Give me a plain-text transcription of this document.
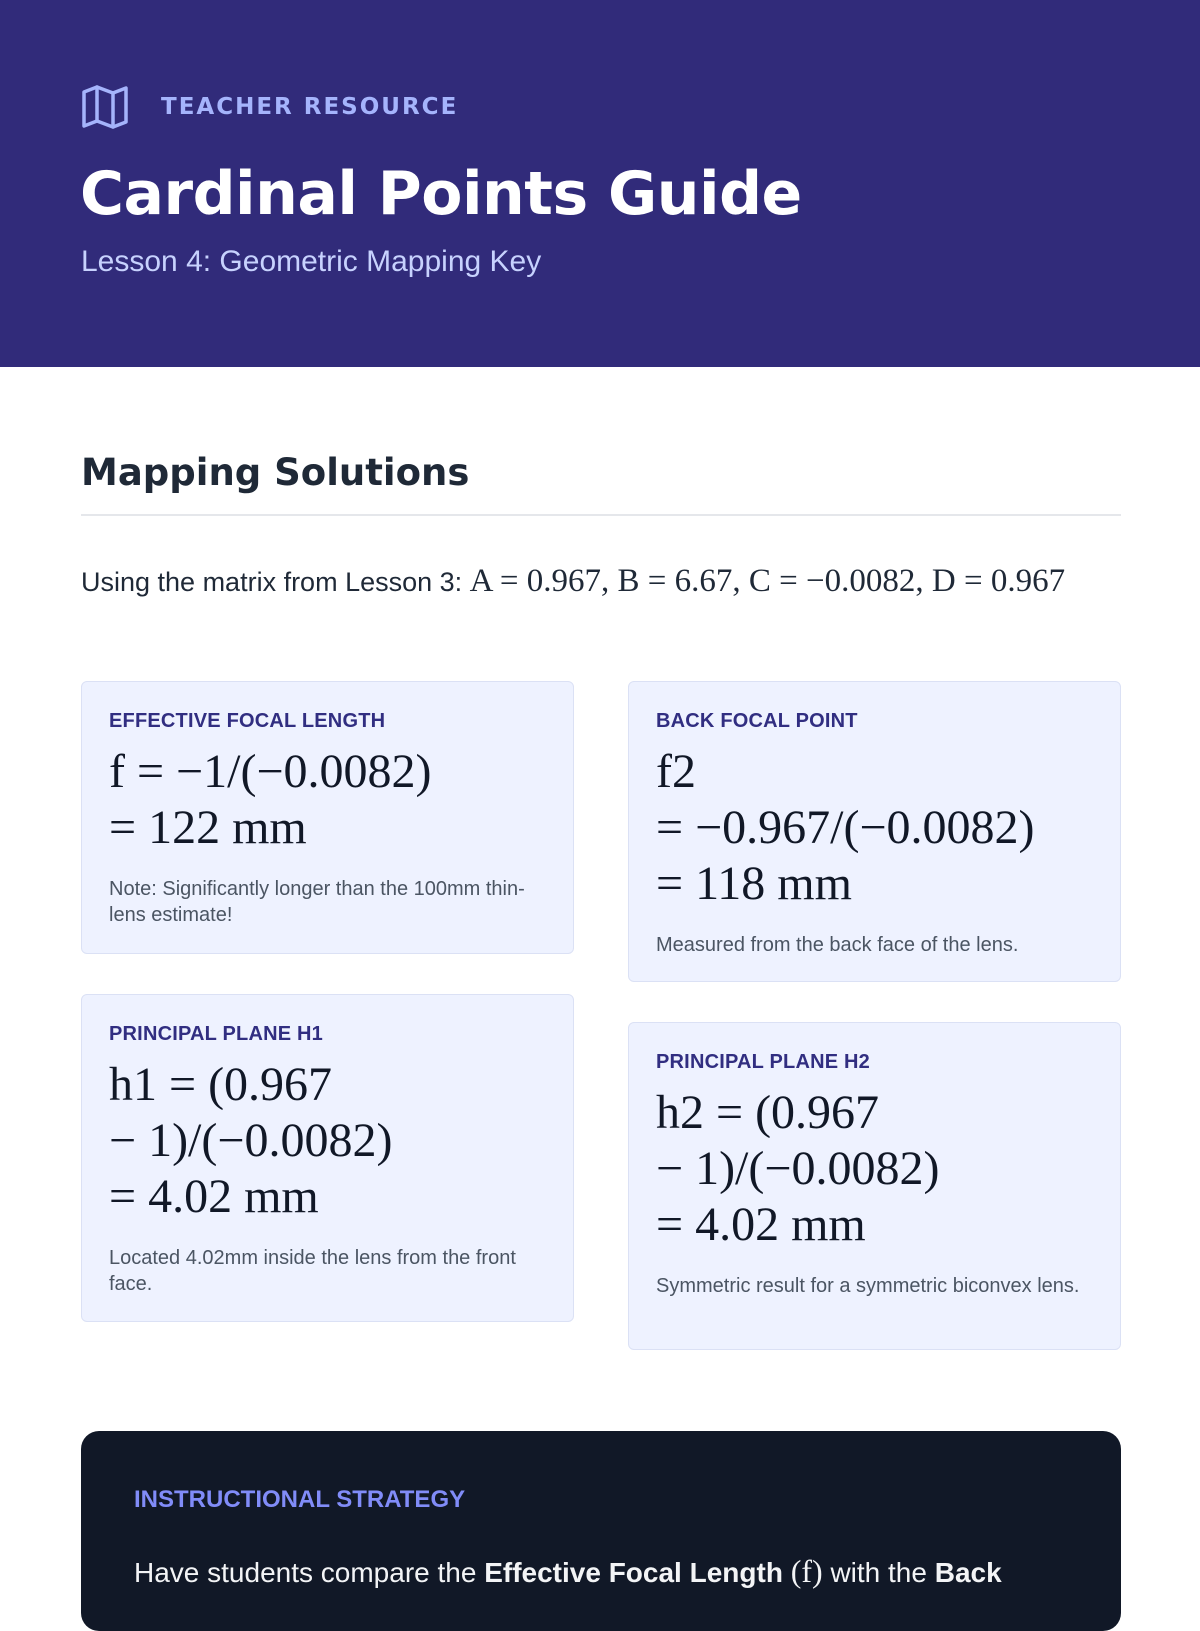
TEACHER RESOURCE
Cardinal Points Guide
Lesson 4: Geometric Mapping Key
Mapping Solutions

Using the matrix from Lesson 3: A = 0.967, B = 6.67, C = −0.0082, D = 0.967

EFFECTIVE FOCAL LENGTH
f = −1/(−0.0082)
= 122 mm
Note: Significantly longer than the 100mm thin-lens estimate!
BACK FOCAL POINT
f2
= −0.967/(−0.0082)
= 118 mm
Measured from the back face of the lens.
PRINCIPAL PLANE H1
h1 = (0.967
− 1)/(−0.0082)
= 4.02 mm
Located 4.02mm inside the lens from the front face.
PRINCIPAL PLANE H2
h2 = (0.967
− 1)/(−0.0082)
= 4.02 mm
Symmetric result for a symmetric biconvex lens.
INSTRUCTIONAL STRATEGY
Have students compare the Effective Focal Length (f) with the Back
